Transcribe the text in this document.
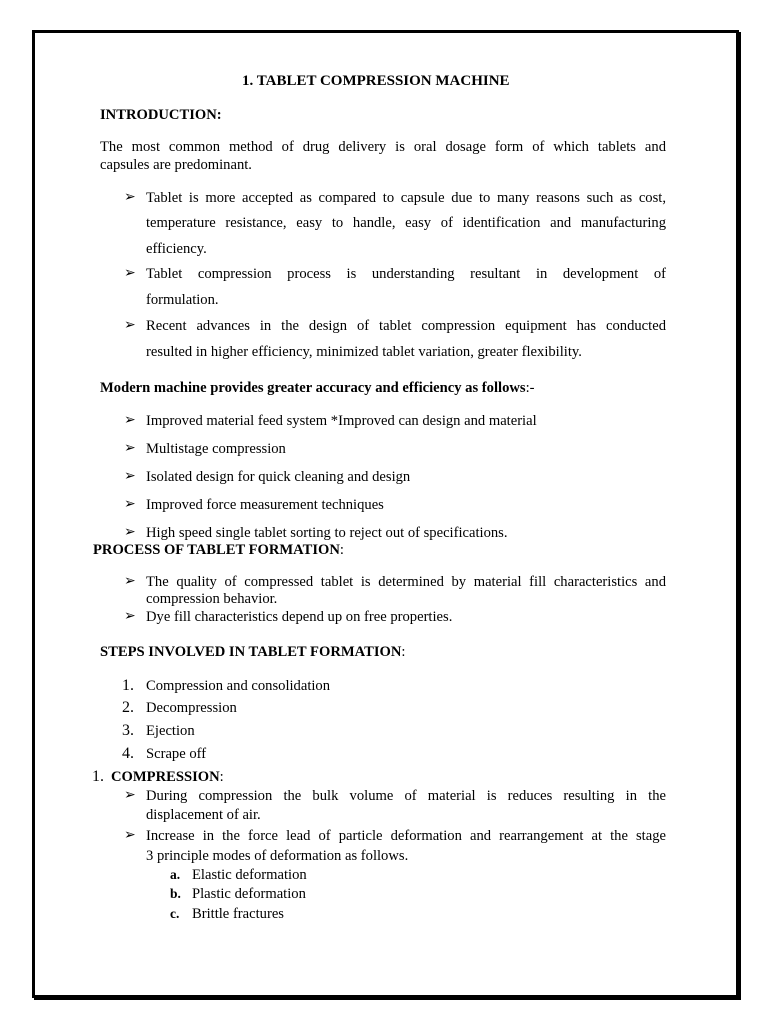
1. TABLET COMPRESSION MACHINE
INTRODUCTION:
The most common method of drug delivery is oral dosage form of which tablets and
capsules are predominant.
➢ Tablet is more accepted as compared to capsule due to many reasons such as cost,
temperature resistance, easy to handle, easy of identification and manufacturing
efficiency.
➢ Tablet compression process is understanding resultant in development of
formulation.
➢ Recent advances in the design of tablet compression equipment has conducted
resulted in higher efficiency, minimized tablet variation, greater flexibility.
Modern machine provides greater accuracy and efficiency as follows:-
➢ Improved material feed system *Improved can design and material
➢ Multistage compression
➢ Isolated design for quick cleaning and design
➢ Improved force measurement techniques
➢ High speed single tablet sorting to reject out of specifications.
PROCESS OF TABLET FORMATION:
➢ The quality of compressed tablet is determined by material fill characteristics and
compression behavior.
➢ Dye fill characteristics depend up on free properties.
STEPS INVOLVED IN TABLET FORMATION:
1. Compression and consolidation
2. Decompression
3. Ejection
4. Scrape off
1. COMPRESSION:
➢ During compression the bulk volume of material is reduces resulting in the
displacement of air.
➢ Increase in the force lead of particle deformation and rearrangement at the stage
3 principle modes of deformation as follows.
a. Elastic deformation
b. Plastic deformation
c. Brittle fractures
